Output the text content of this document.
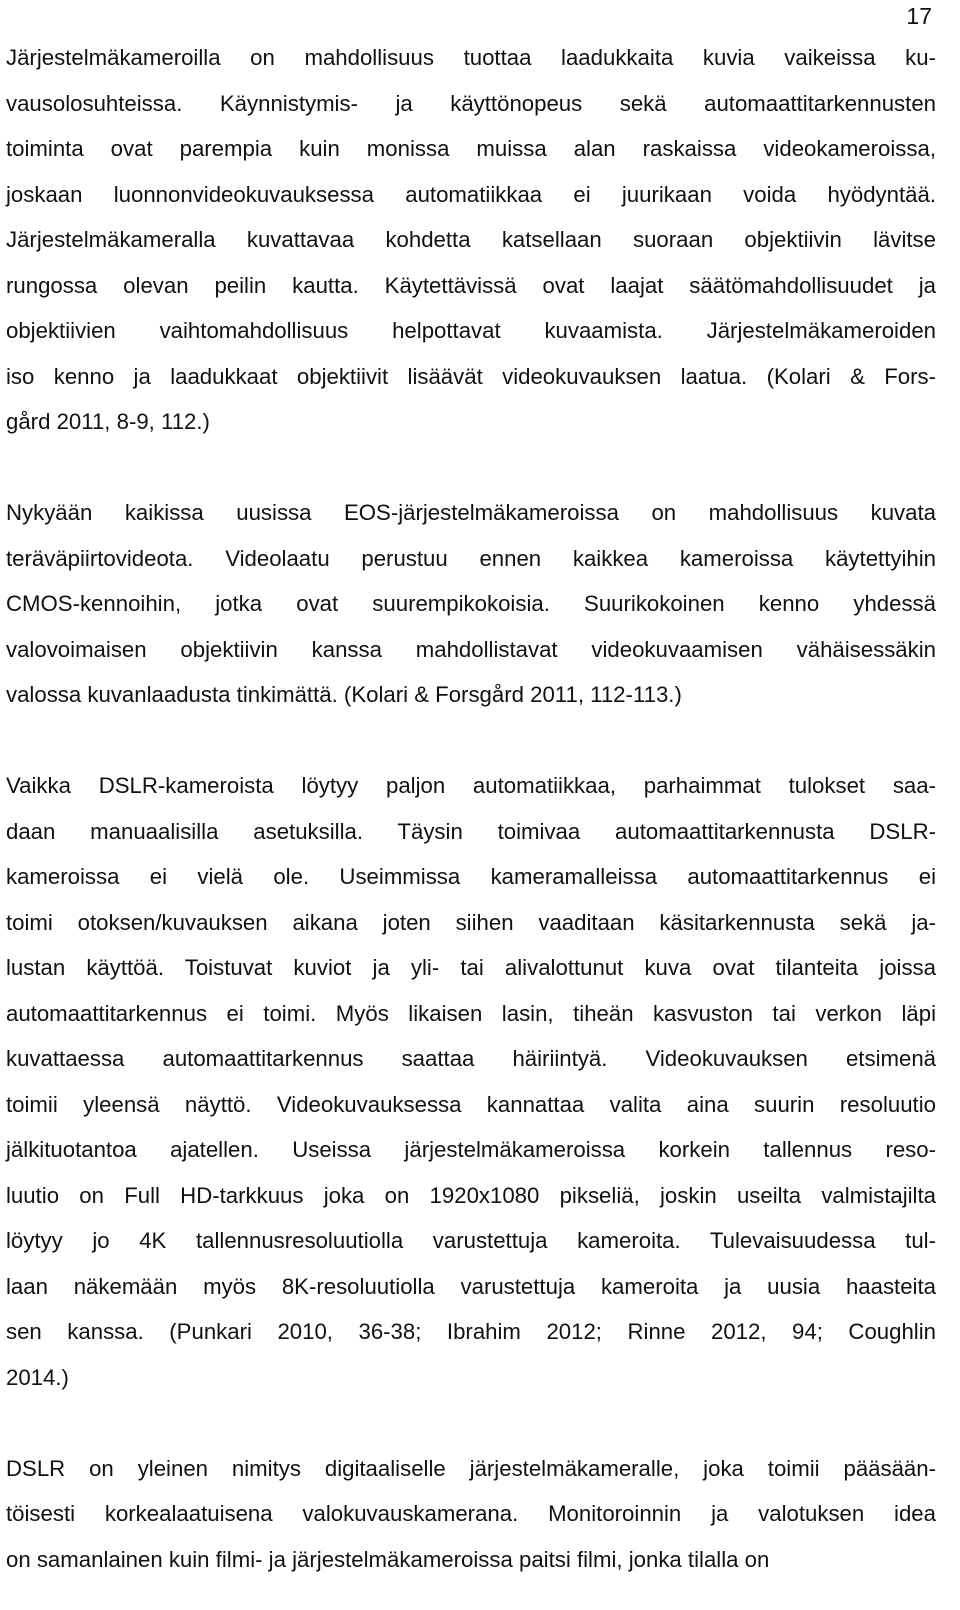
17

Järjestelmäkameroilla on mahdollisuus tuottaa laadukkaita kuvia vaikeissa ku-
vausolosuhteissa. Käynnistymis- ja käyttönopeus sekä automaattitarkennusten
toiminta ovat parempia kuin monissa muissa alan raskaissa videokameroissa,
joskaan luonnonvideokuvauksessa automatiikkaa ei juurikaan voida hyödyntää.
Järjestelmäkameralla kuvattavaa kohdetta katsellaan suoraan objektiivin lävitse
rungossa olevan peilin kautta. Käytettävissä ovat laajat säätömahdollisuudet ja
objektiivien vaihtomahdollisuus helpottavat kuvaamista. Järjestelmäkameroiden
iso kenno ja laadukkaat objektiivit lisäävät videokuvauksen laatua. (Kolari & Fors-
gård 2011, 8-9, 112.)

Nykyään kaikissa uusissa EOS-järjestelmäkameroissa on mahdollisuus kuvata
teräväpiirtovideota. Videolaatu perustuu ennen kaikkea kameroissa käytettyihin
CMOS-kennoihin, jotka ovat suurempikokoisia. Suurikokoinen kenno yhdessä
valovoimaisen objektiivin kanssa mahdollistavat videokuvaamisen vähäisessäkin
valossa kuvanlaadusta tinkimättä. (Kolari & Forsgård 2011, 112-113.)

Vaikka DSLR-kameroista löytyy paljon automatiikkaa, parhaimmat tulokset saa-
daan manuaalisilla asetuksilla. Täysin toimivaa automaattitarkennusta DSLR-
kameroissa ei vielä ole. Useimmissa kameramalleissa automaattitarkennus ei
toimi otoksen/kuvauksen aikana joten siihen vaaditaan käsitarkennusta sekä ja-
lustan käyttöä. Toistuvat kuviot ja yli- tai alivalottunut kuva ovat tilanteita joissa
automaattitarkennus ei toimi. Myös likaisen lasin, tiheän kasvuston tai verkon läpi
kuvattaessa automaattitarkennus saattaa häiriintyä. Videokuvauksen etsimenä
toimii yleensä näyttö. Videokuvauksessa kannattaa valita aina suurin resoluutio
jälkituotantoa ajatellen. Useissa järjestelmäkameroissa korkein tallennus reso-
luutio on Full HD-tarkkuus joka on 1920x1080 pikseliä, joskin useilta valmistajilta
löytyy jo 4K tallennusresoluutiolla varustettuja kameroita. Tulevaisuudessa tul-
laan näkemään myös 8K-resoluutiolla varustettuja kameroita ja uusia haasteita
sen kanssa. (Punkari 2010, 36-38; Ibrahim 2012; Rinne 2012, 94; Coughlin
2014.)

DSLR on yleinen nimitys digitaaliselle järjestelmäkameralle, joka toimii pääsään-
töisesti korkealaatuisena valokuvauskamerana. Monitoroinnin ja valotuksen idea
on samanlainen kuin filmi- ja järjestelmäkameroissa paitsi filmi, jonka tilalla on
